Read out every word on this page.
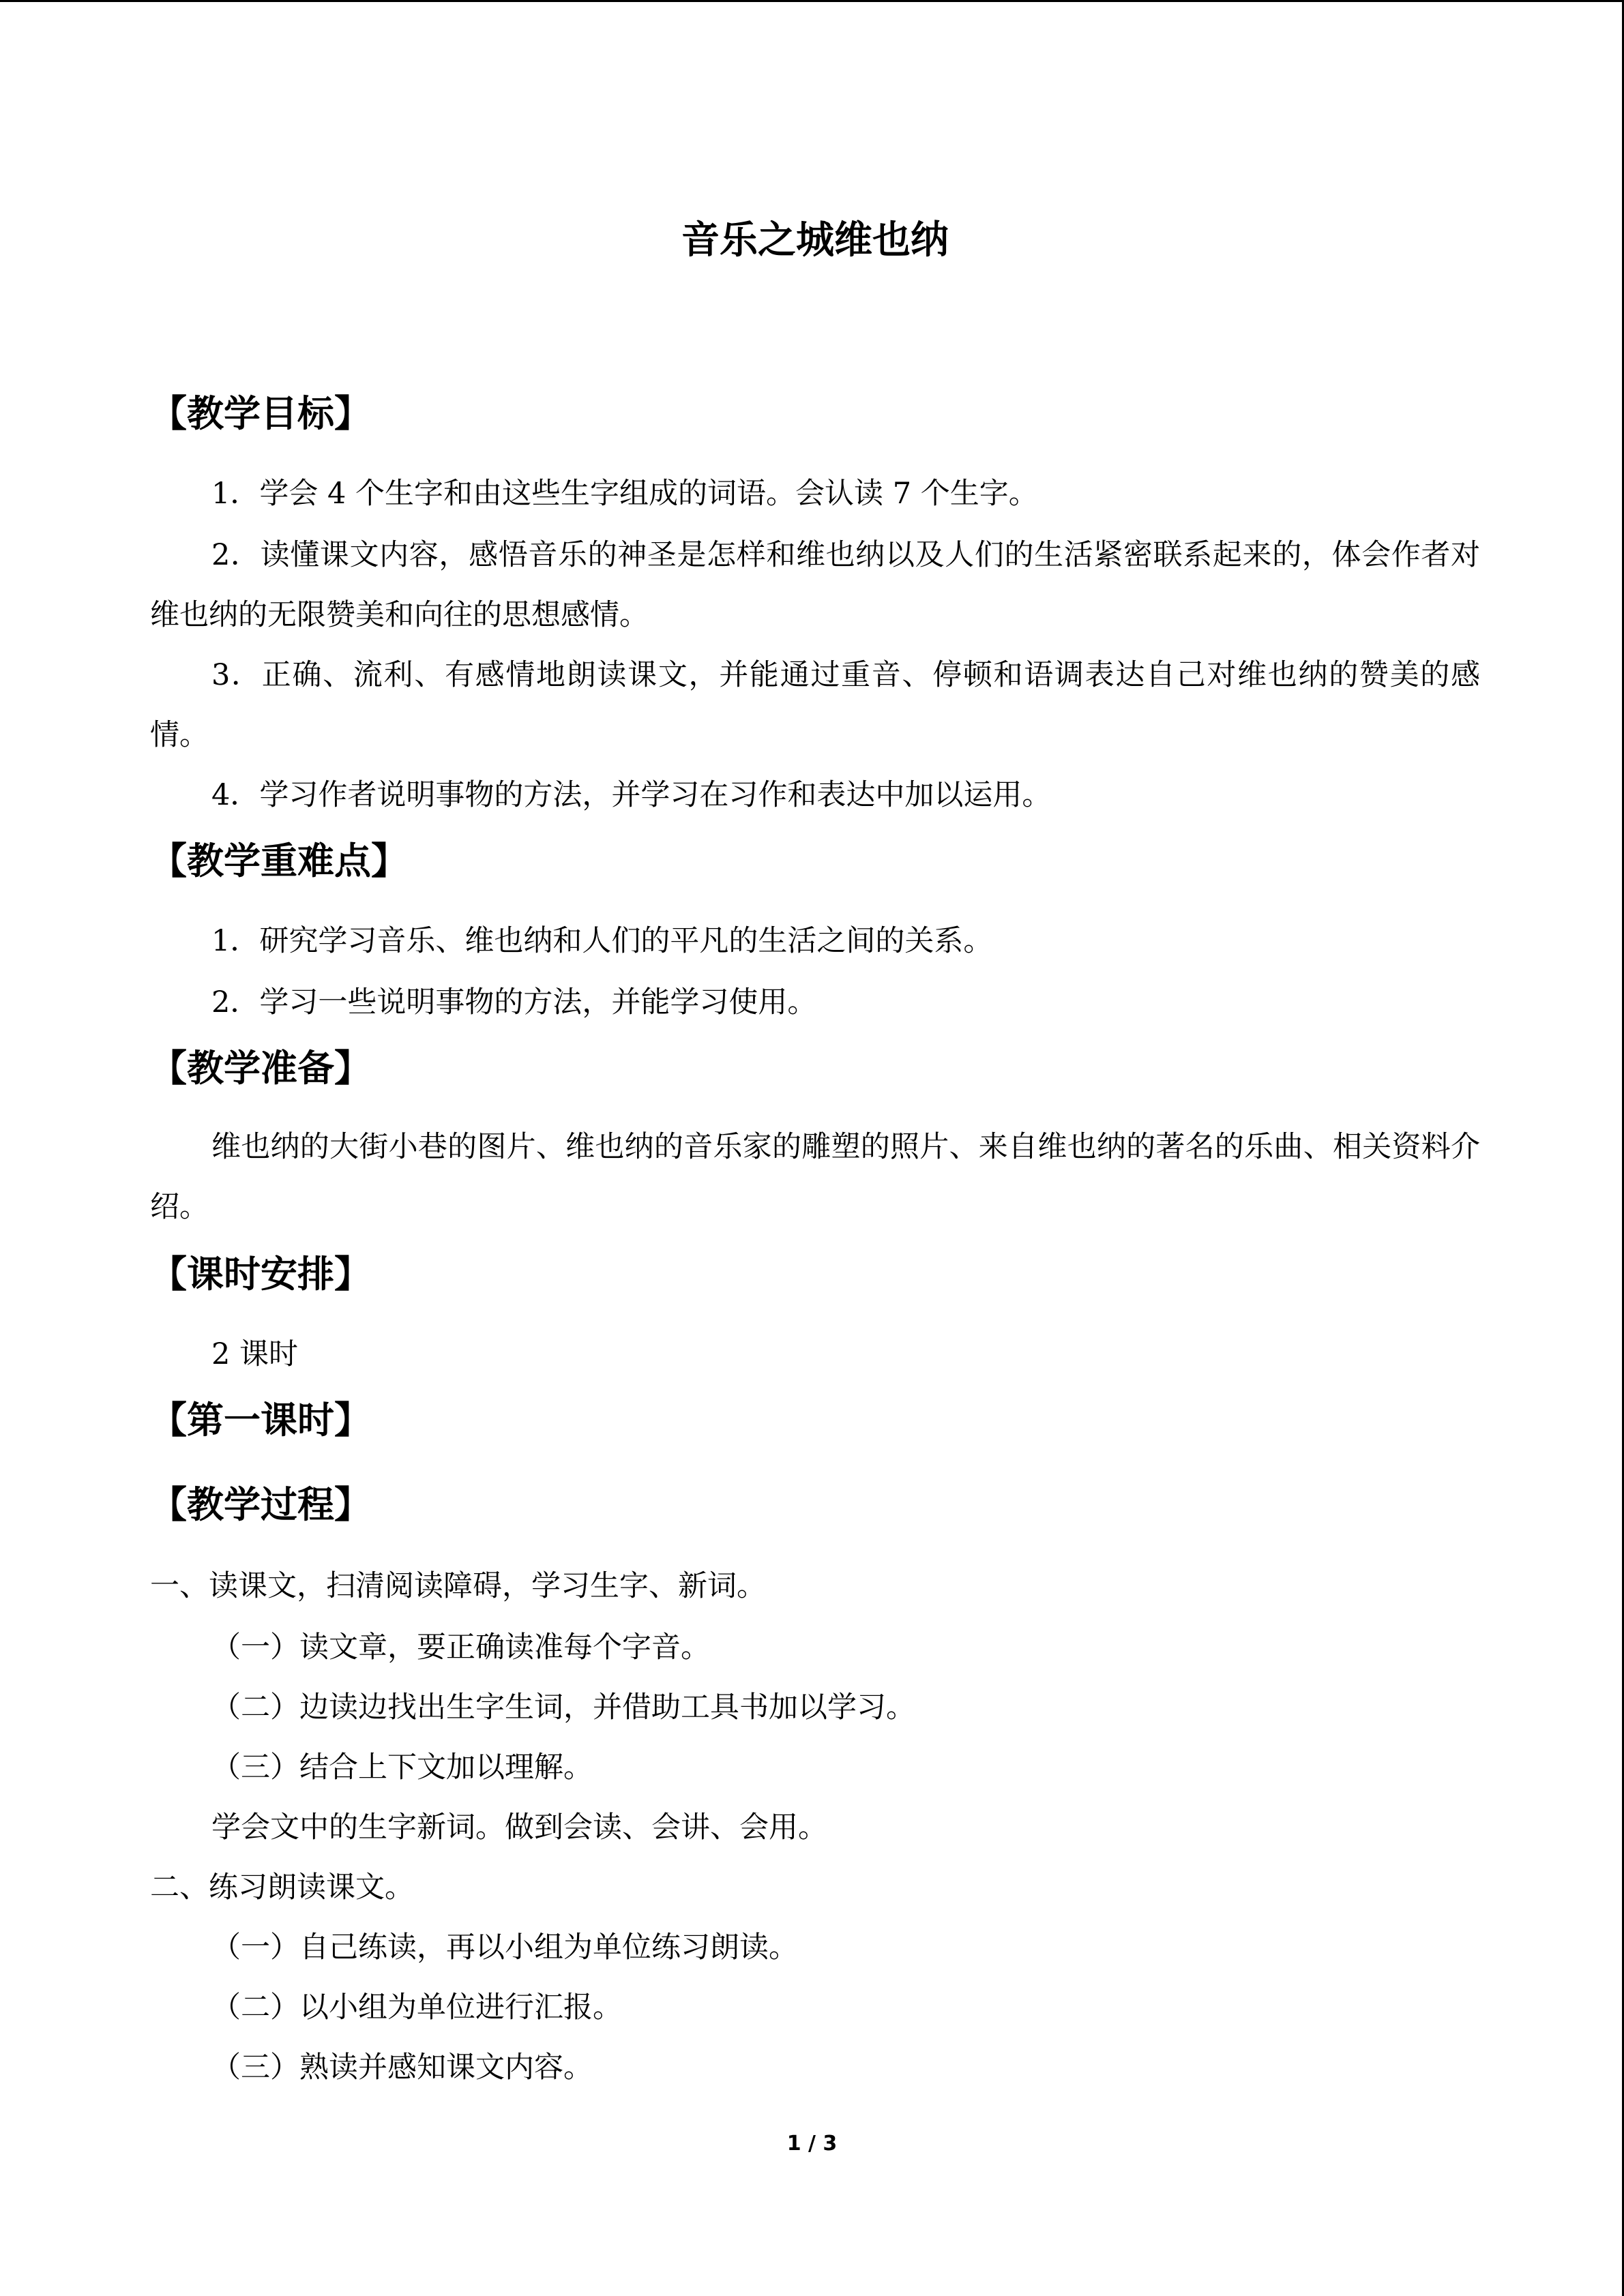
音乐之城维也纳
【教学目标】
1．学会 4 个生字和由这些生字组成的词语。会认读 7 个生字。
2．读懂课文内容，感悟音乐的神圣是怎样和维也纳以及人们的生活紧密联系起来的，体会作者对维也纳的无限赞美和向往的思想感情。
3．正确、流利、有感情地朗读课文，并能通过重音、停顿和语调表达自己对维也纳的赞美的感情。
4．学习作者说明事物的方法，并学习在习作和表达中加以运用。
【教学重难点】
1．研究学习音乐、维也纳和人们的平凡的生活之间的关系。
2．学习一些说明事物的方法，并能学习使用。
【教学准备】
维也纳的大街小巷的图片、维也纳的音乐家的雕塑的照片、来自维也纳的著名的乐曲、相关资料介绍。
【课时安排】
2 课时
【第一课时】
【教学过程】
一、读课文，扫清阅读障碍，学习生字、新词。
（一）读文章，要正确读准每个字音。
（二）边读边找出生字生词，并借助工具书加以学习。
（三）结合上下文加以理解。
学会文中的生字新词。做到会读、会讲、会用。
二、练习朗读课文。
（一）自己练读，再以小组为单位练习朗读。
（二）以小组为单位进行汇报。
（三）熟读并感知课文内容。
1 / 3
